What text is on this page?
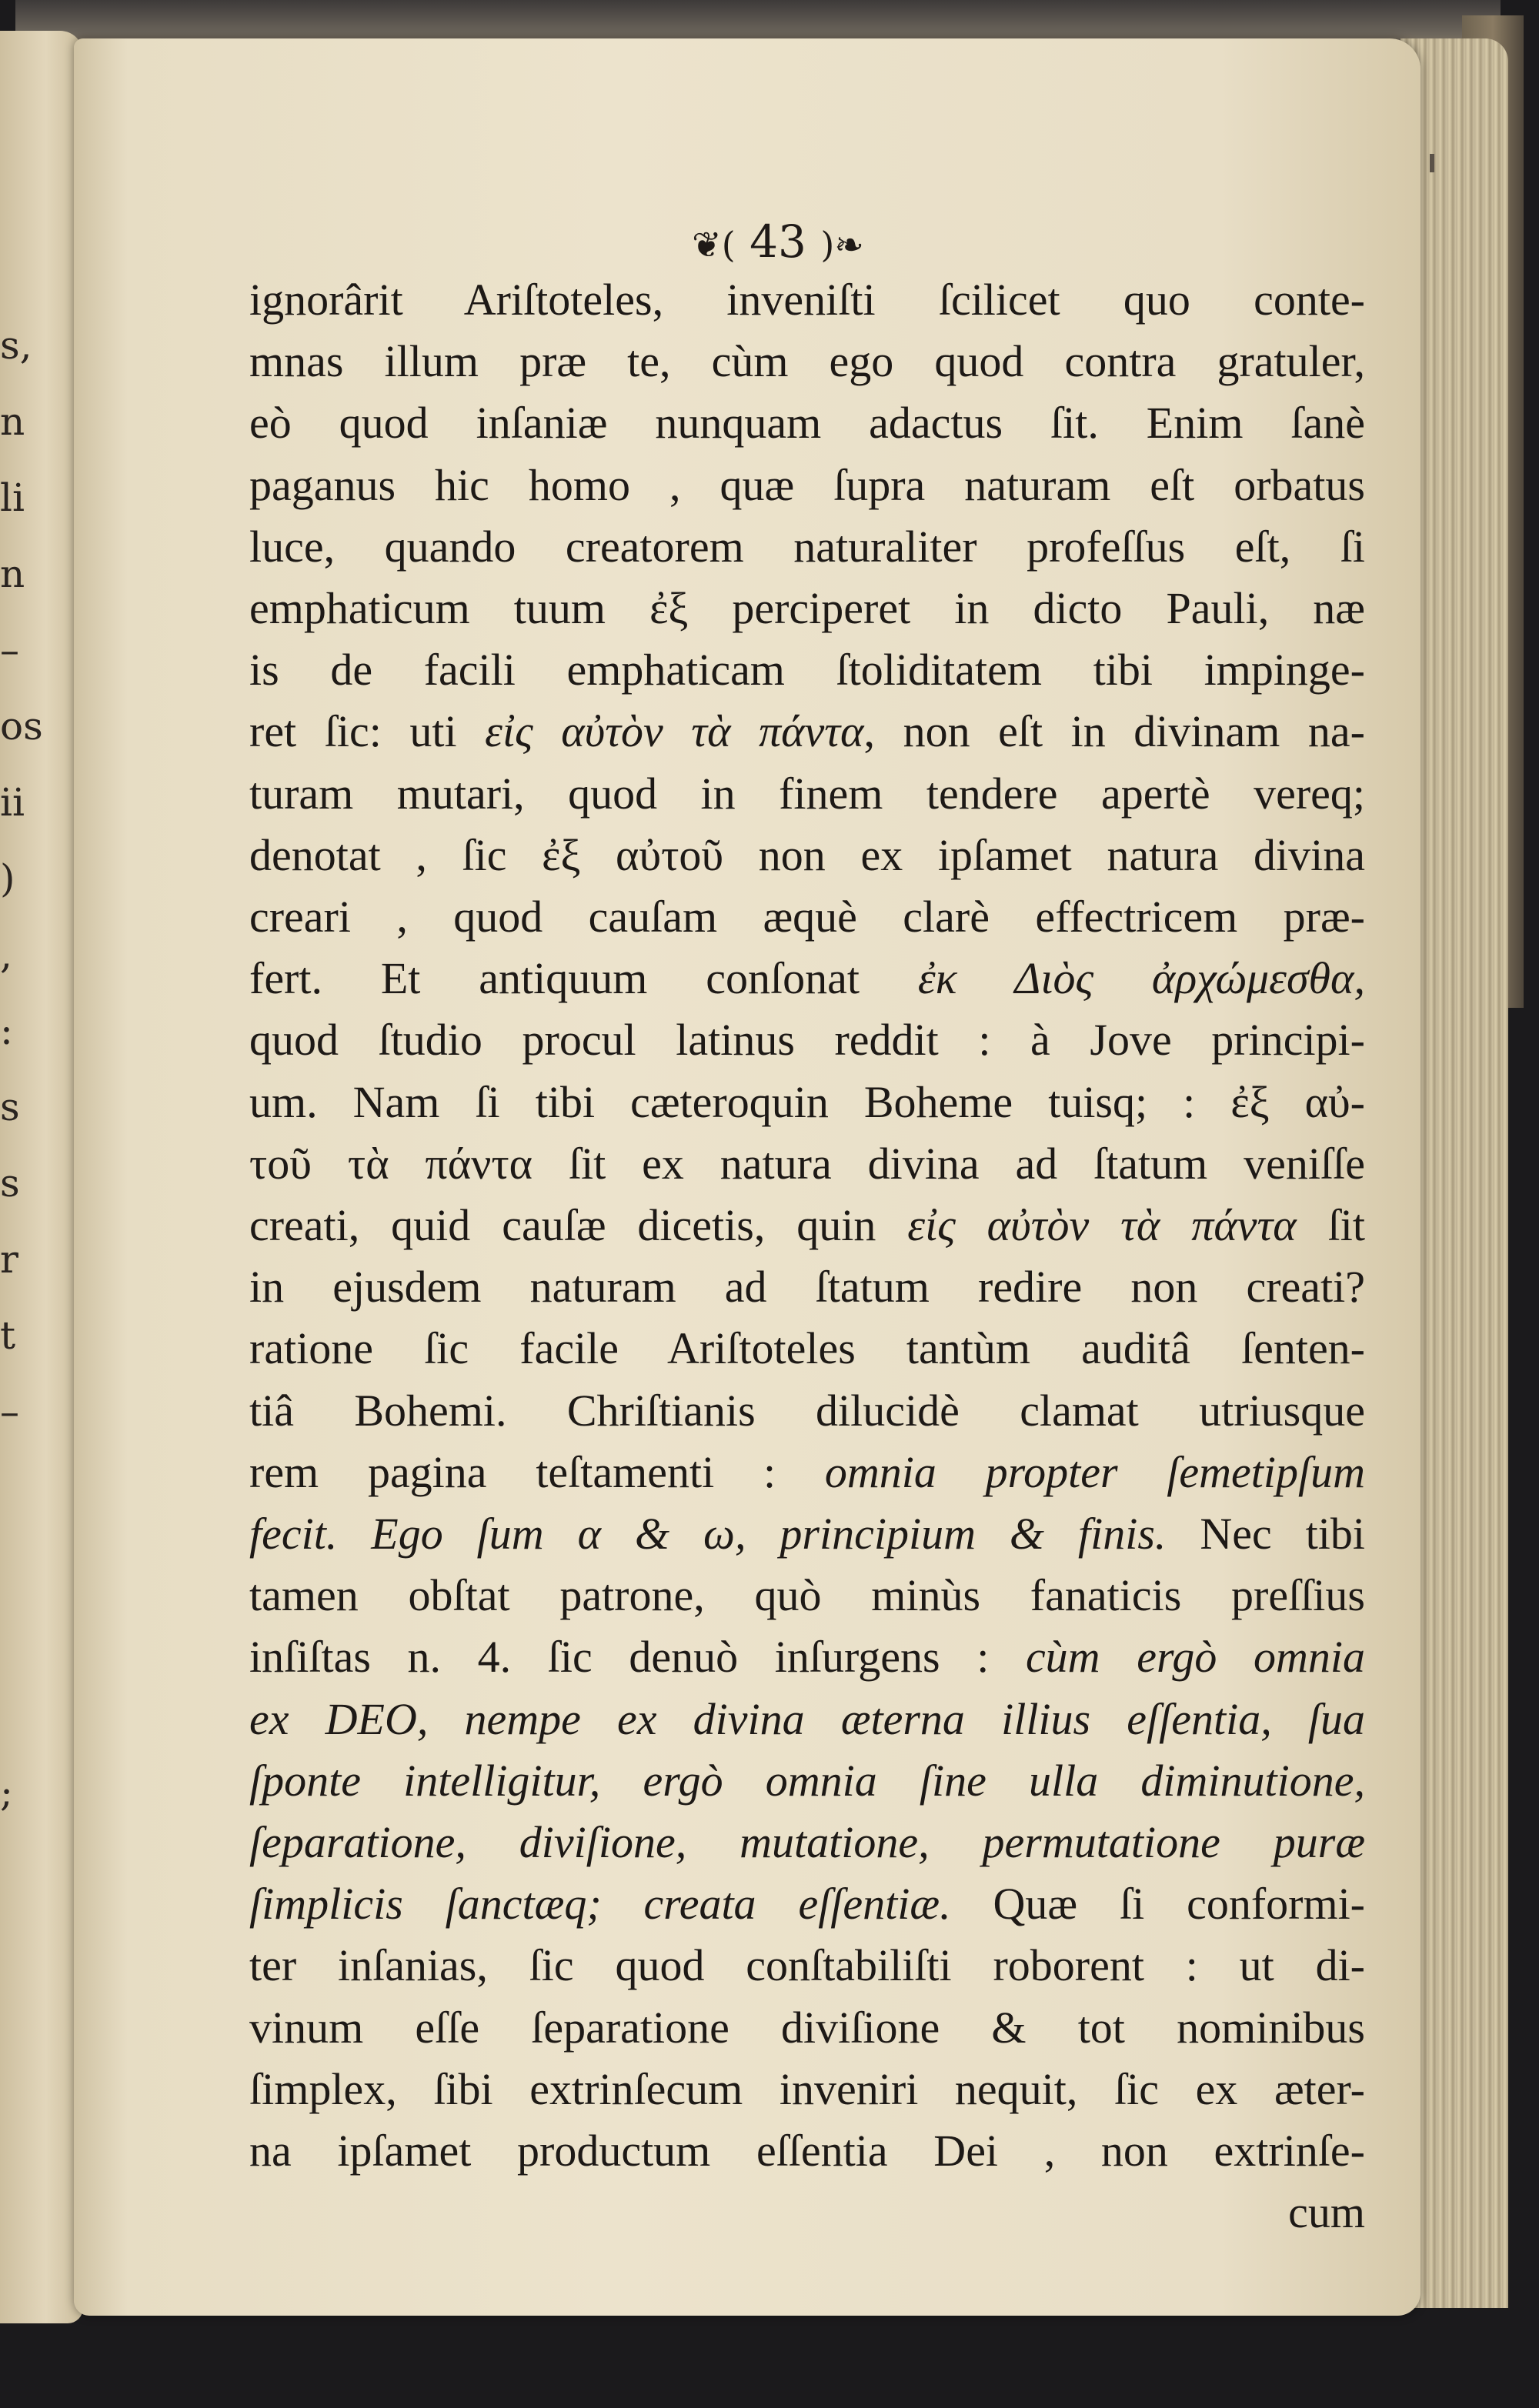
s,
n
li
n
–
os
ii
)
,
:
s
s
r
t
–

;
❦( 43 )❧
ignorârit Ariſtoteles, inveniſti ſcilicet quo conte-
mnas illum præ te, cùm ego quod contra gratuler,
eò quod inſaniæ nunquam adactus ſit. Enim ſanè
paganus hic homo , quæ ſupra naturam eſt orbatus
luce, quando creatorem naturaliter profeſſus eſt, ſi
emphaticum tuum ἐξ perciperet in dicto Pauli, næ
is de facili emphaticam ſtoliditatem tibi impinge-
ret ſic: uti εἰς αὐτὸν τὰ πάντα, non eſt in divinam na-
turam mutari, quod in finem tendere apertè vereq;
denotat , ſic ἐξ αὐτοῦ non ex ipſamet natura divina
creari , quod cauſam æquè clarè effectricem præ-
fert. Et antiquum conſonat ἐκ Διὸς ἀρχώμεσθα,
quod ſtudio procul latinus reddit : à Jove principi-
um. Nam ſi tibi cæteroquin Boheme tuisq; : ἐξ αὐ-
τοῦ τὰ πάντα ſit ex natura divina ad ſtatum veniſſe
creati, quid cauſæ dicetis, quin εἰς αὐτὸν τὰ πάντα ſit
in ejusdem naturam ad ſtatum redire non creati?
ratione ſic facile Ariſtoteles tantùm auditâ ſenten-
tiâ Bohemi. Chriſtianis dilucidè clamat utriusque
rem pagina teſtamenti : omnia propter ſemetipſum
fecit. Ego ſum α & ω, principium & finis. Nec tibi
tamen obſtat patrone, quò minùs fanaticis preſſius
inſiſtas n. 4. ſic denuò inſurgens : cùm ergò omnia
ex DEO, nempe ex divina æterna illius eſſentia, ſua
ſponte intelligitur, ergò omnia ſine ulla diminutione,
ſeparatione, diviſione, mutatione, permutatione puræ
ſimplicis ſanctæq; creata eſſentiæ. Quæ ſi conformi-
ter inſanias, ſic quod conſtabiliſti roborent : ut di-
vinum eſſe ſeparatione diviſione & tot nominibus
ſimplex, ſibi extrinſecum inveniri nequit, ſic ex æter-
na ipſamet productum eſſentia Dei , non extrinſe-
cum
